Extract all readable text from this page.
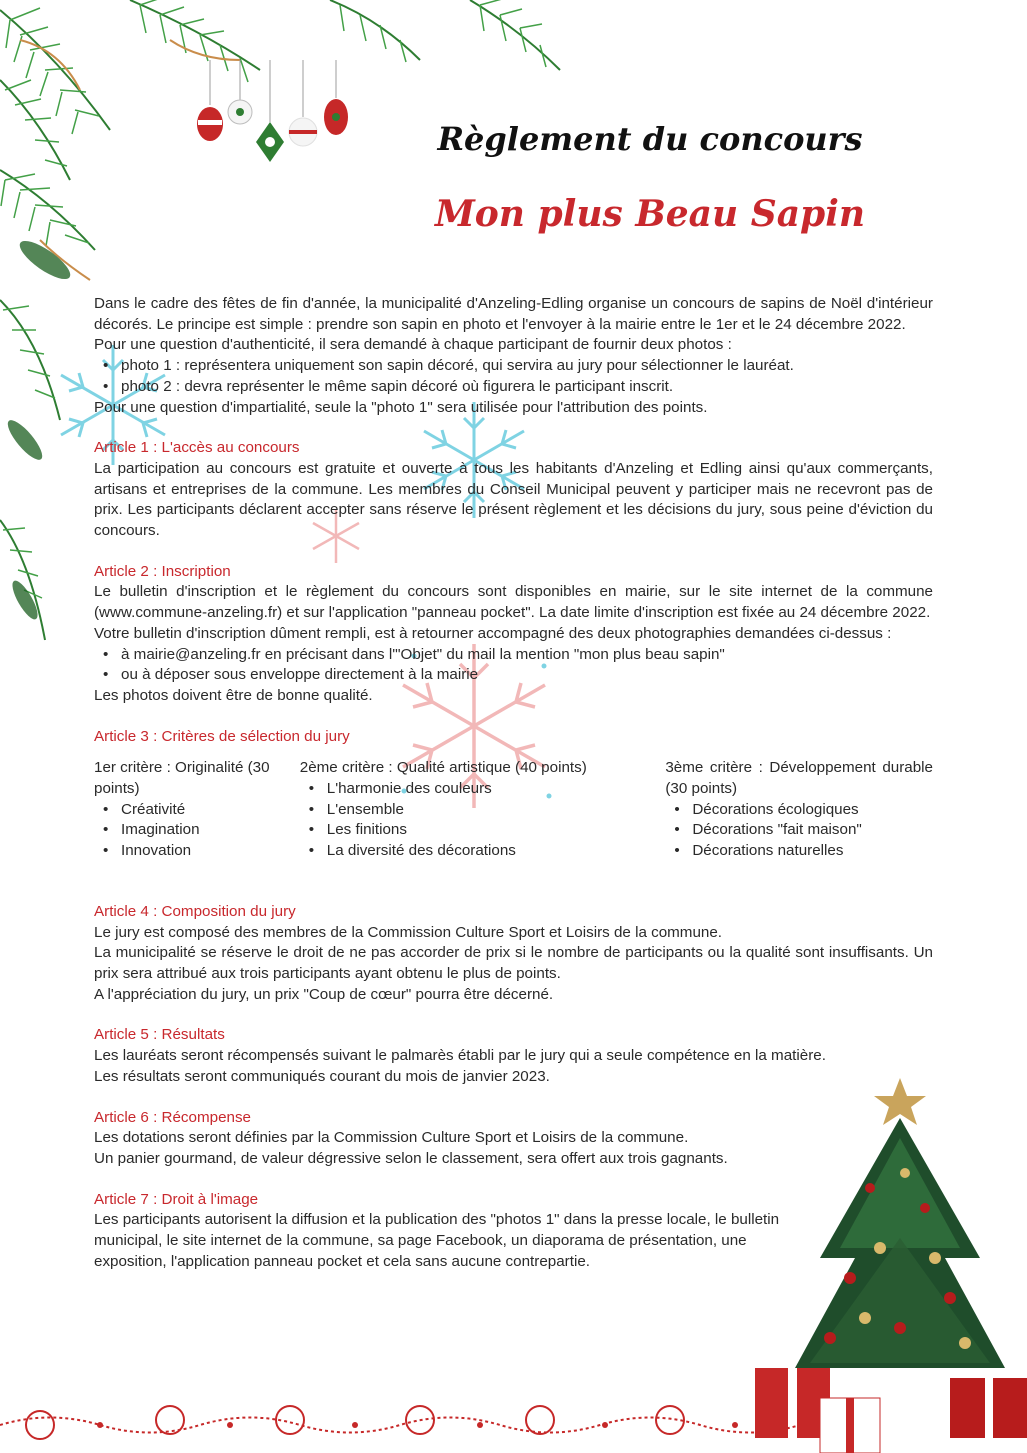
Règlement du concours
Mon plus Beau Sapin

Dans le cadre des fêtes de fin d'année, la municipalité d'Anzeling-Edling organise un concours de sapins de Noël d'intérieur décorés. Le principe est simple : prendre son sapin en photo et l'envoyer à la mairie entre le 1er et le 24 décembre 2022.

Pour une question d'authenticité, il sera demandé à chaque participant de fournir deux photos :

• photo 1 : représentera uniquement son sapin décoré, qui servira au jury pour sélectionner le lauréat.
• photo 2 : devra représenter le même sapin décoré où figurera le participant inscrit.

Pour une question d'impartialité, seule la "photo 1" sera utilisée pour l'attribution des points.

Article 1 : L'accès au concours

La participation au concours est gratuite et ouverte à tous les habitants d'Anzeling et Edling ainsi qu'aux commerçants, artisans et entreprises de la commune. Les membres du Conseil Municipal peuvent y participer mais ne recevront pas de prix. Les participants déclarent accepter sans réserve le présent règlement et les décisions du jury, sous peine d'éviction du concours.

Article 2 : Inscription

Le bulletin d'inscription et le règlement du concours sont disponibles en mairie, sur le site internet de la commune (www.commune-anzeling.fr) et sur l'application "panneau pocket". La date limite d'inscription est fixée au 24 décembre 2022.

Votre bulletin d'inscription dûment rempli, est à retourner accompagné des deux photographies demandées ci-dessus :

• à mairie@anzeling.fr en précisant dans l'"Objet" du mail la mention "mon plus beau sapin"
• ou à déposer sous enveloppe directement à la mairie

Les photos doivent être de bonne qualité.

Article 3 : Critères de sélection du jury

1er critère : Originalité (30 points)
• Créativité
• Imagination
• Innovation
2ème critère : Qualité artistique (40 points)
• L'harmonie des couleurs
• L'ensemble
• Les finitions
• La diversité des décorations
3ème critère : Développement durable (30 points)
• Décorations écologiques
• Décorations "fait maison"
• Décorations naturelles

Article 4 : Composition du jury

Le jury est composé des membres de la Commission Culture Sport et Loisirs de la commune.

La municipalité se réserve le droit de ne pas accorder de prix si le nombre de participants ou la qualité sont insuffisants. Un prix sera attribué aux trois participants ayant obtenu le plus de points.

A l'appréciation du jury, un prix "Coup de cœur" pourra être décerné.

Article 5 : Résultats

Les lauréats seront récompensés suivant le palmarès établi par le jury qui a seule compétence en la matière. Les résultats seront communiqués courant du mois de janvier 2023.

Article 6 : Récompense

Les dotations seront définies par la Commission Culture Sport et Loisirs de la commune.

Un panier gourmand, de valeur dégressive selon le classement, sera offert aux trois gagnants.

Article 7 : Droit à l'image

Les participants autorisent la diffusion et la publication des "photos 1" dans la presse locale, le bulletin municipal, le site internet de la commune, sa page Facebook, un diaporama de présentation, une exposition, l'application panneau pocket et cela sans aucune contrepartie.
